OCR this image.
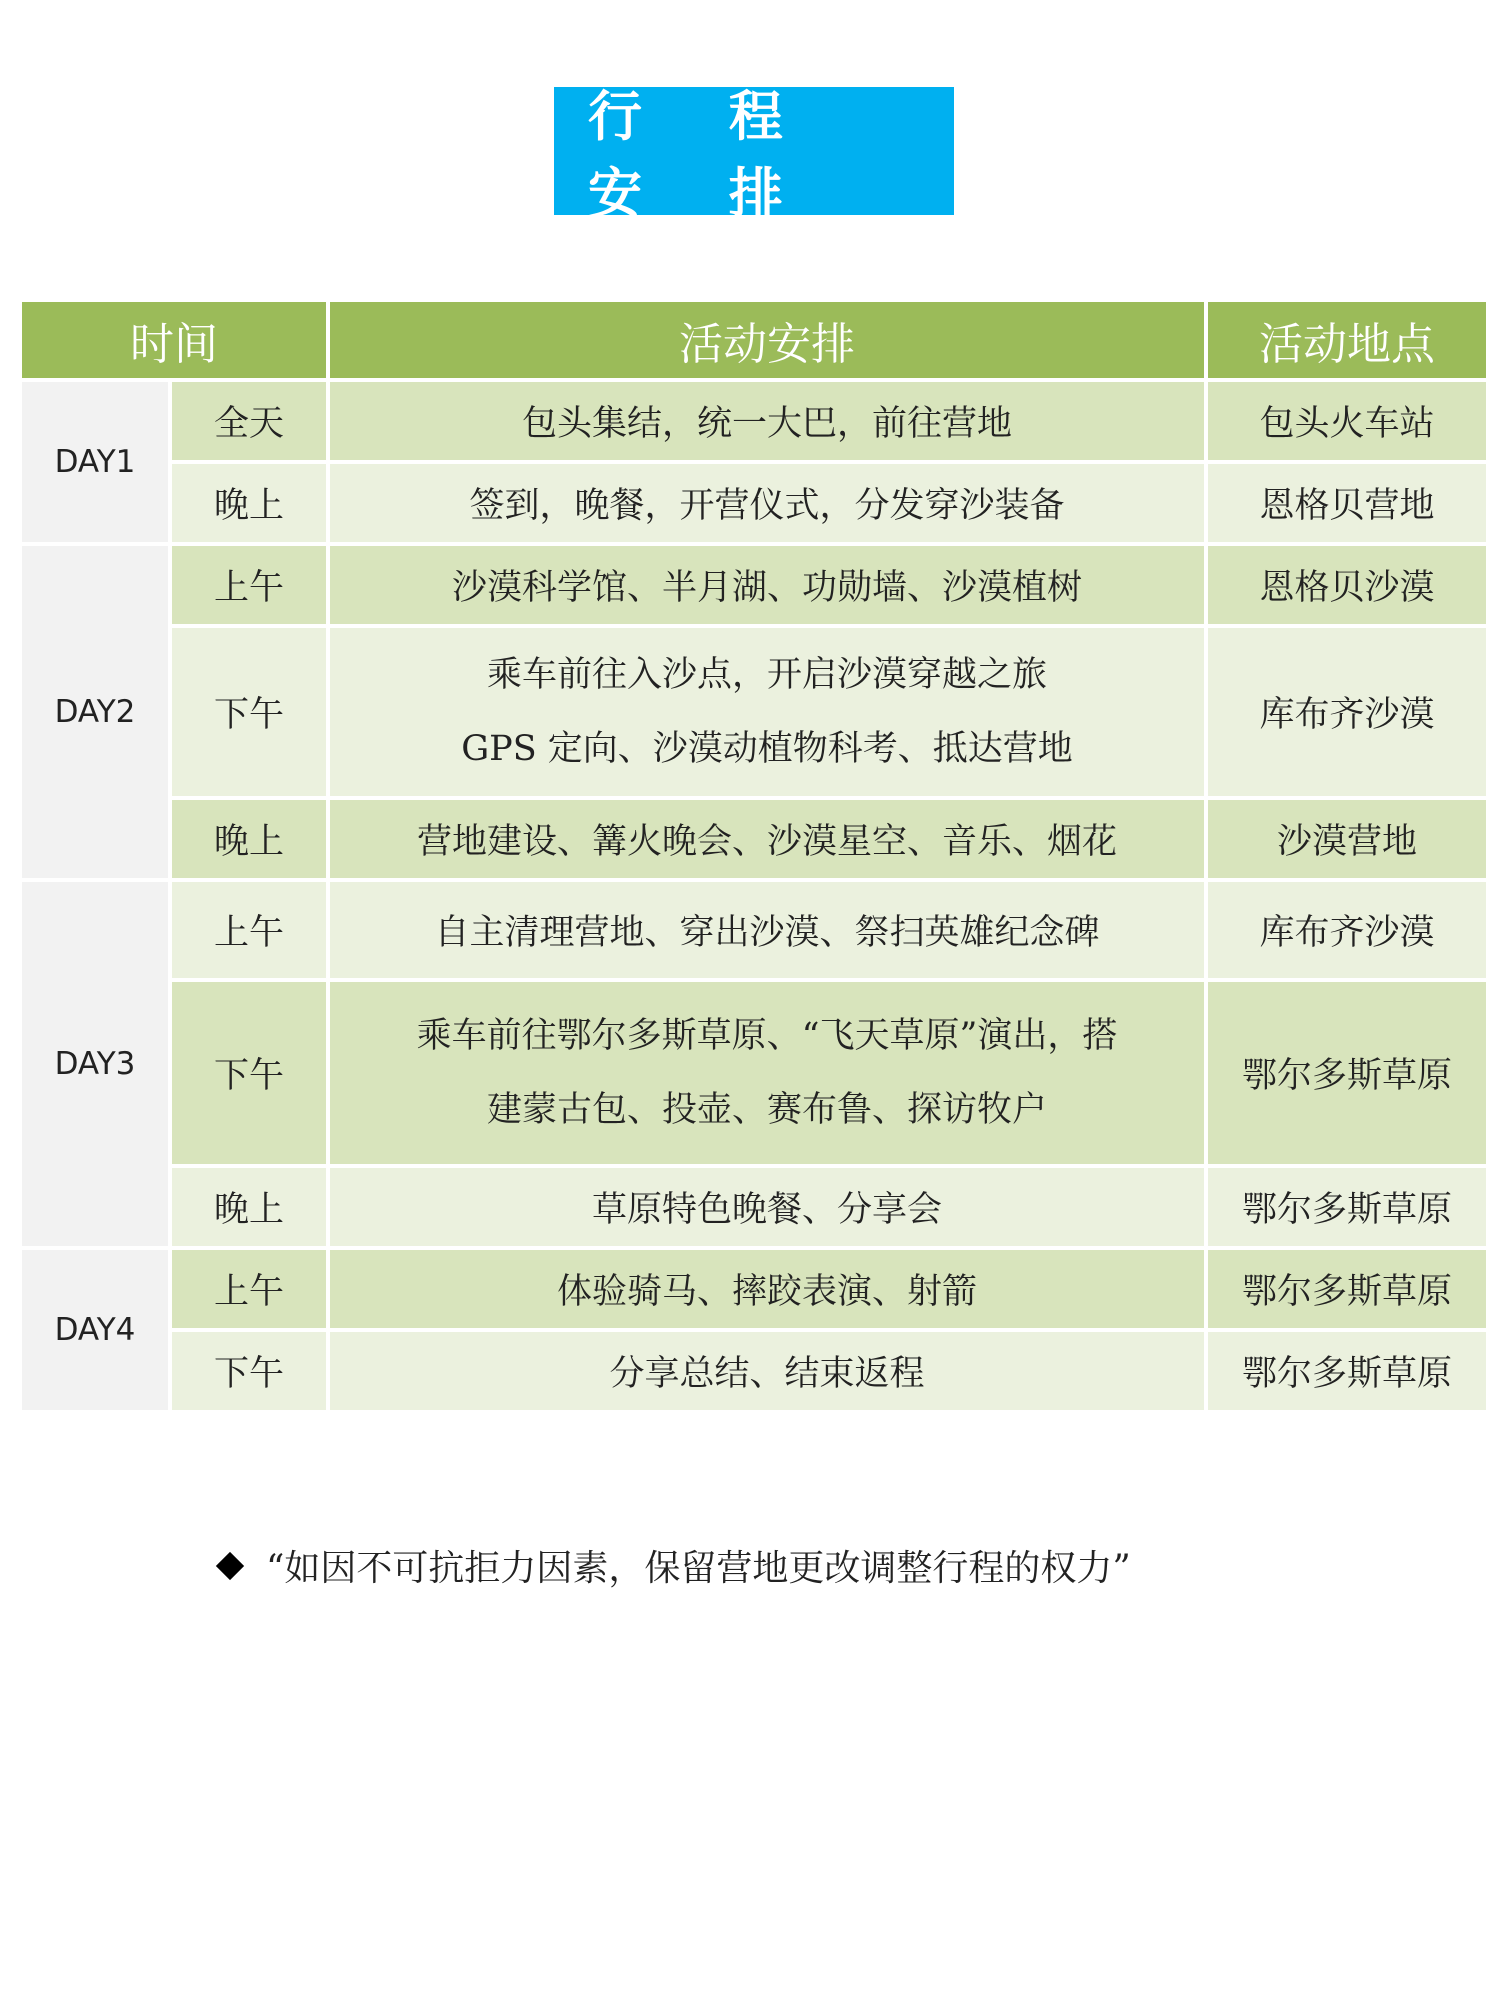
行 程 安 排
时间		活动安排	活动地点
DAY1	全天	包头集结，统一大巴，前往营地	包头火车站
	晚上	签到，晚餐，开营仪式，分发穿沙装备	恩格贝营地
DAY2	上午	沙漠科学馆、半月湖、功勋墙、沙漠植树	恩格贝沙漠
	下午	乘车前往入沙点，开启沙漠穿越之旅
GPS 定向、沙漠动植物科考、抵达营地	库布齐沙漠
	晚上	营地建设、篝火晚会、沙漠星空、音乐、烟花	沙漠营地
DAY3	上午	自主清理营地、穿出沙漠、祭扫英雄纪念碑	库布齐沙漠
	下午	乘车前往鄂尔多斯草原、“飞天草原”演出，搭
建蒙古包、投壶、赛布鲁、探访牧户	鄂尔多斯草原
	晚上	草原特色晚餐、分享会	鄂尔多斯草原
DAY4	上午	体验骑马、摔跤表演、射箭	鄂尔多斯草原
	下午	分享总结、结束返程	鄂尔多斯草原
“如因不可抗拒力因素，保留营地更改调整行程的权力”
